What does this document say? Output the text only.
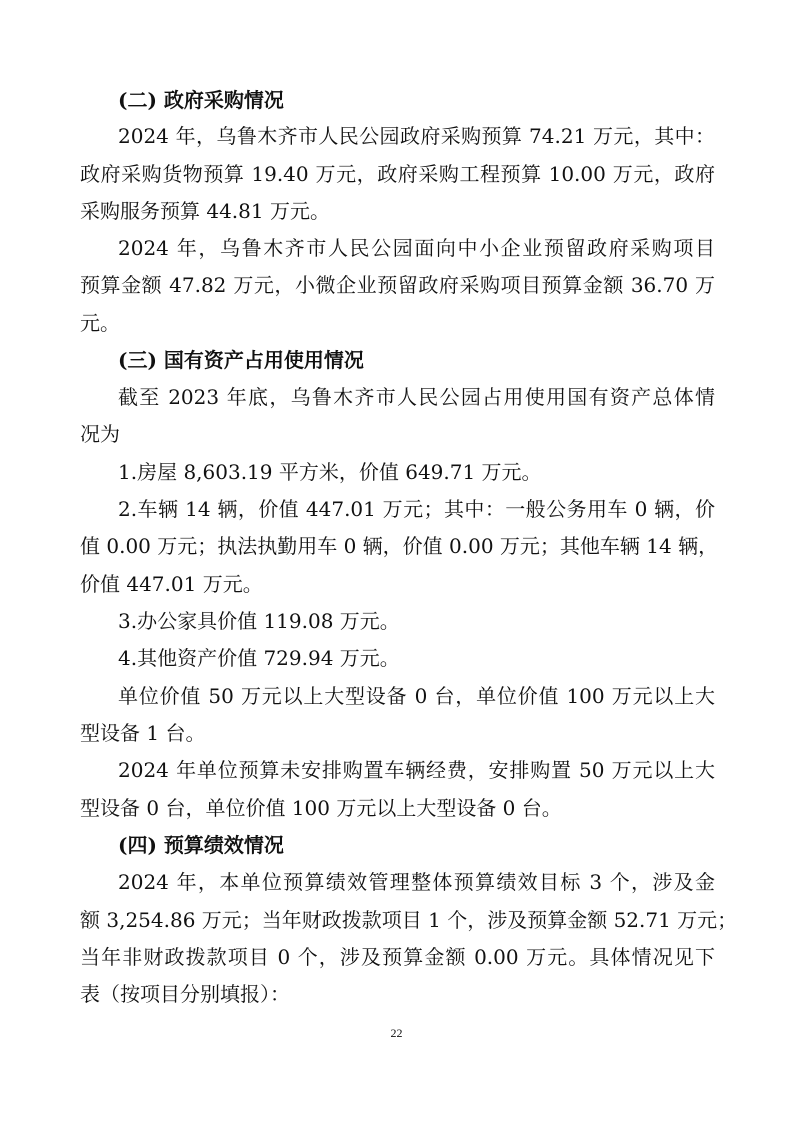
(二) 政府采购情况
2024 年，乌鲁木齐市人民公园政府采购预算 74.21 万元，其中：
政府采购货物预算 19.40 万元，政府采购工程预算 10.00 万元，政府
采购服务预算 44.81 万元。
2024 年，乌鲁木齐市人民公园面向中小企业预留政府采购项目
预算金额 47.82 万元，小微企业预留政府采购项目预算金额 36.70 万
元。
(三) 国有资产占用使用情况
截至 2023 年底，乌鲁木齐市人民公园占用使用国有资产总体情
况为
1.房屋 8,603.19 平方米，价值 649.71 万元。
2.车辆 14 辆，价值 447.01 万元；其中：一般公务用车 0 辆，价
值 0.00 万元；执法执勤用车 0 辆，价值 0.00 万元；其他车辆 14 辆，
价值 447.01 万元。
3.办公家具价值 119.08 万元。
4.其他资产价值 729.94 万元。
单位价值 50 万元以上大型设备 0 台，单位价值 100 万元以上大
型设备 1 台。
2024 年单位预算未安排购置车辆经费，安排购置 50 万元以上大
型设备 0 台，单位价值 100 万元以上大型设备 0 台。
(四) 预算绩效情况
2024 年，本单位预算绩效管理整体预算绩效目标 3 个，涉及金
额 3,254.86 万元；当年财政拨款项目 1 个，涉及预算金额 52.71 万元；
当年非财政拨款项目 0 个，涉及预算金额 0.00 万元。具体情况见下
表（按项目分别填报）：
22
